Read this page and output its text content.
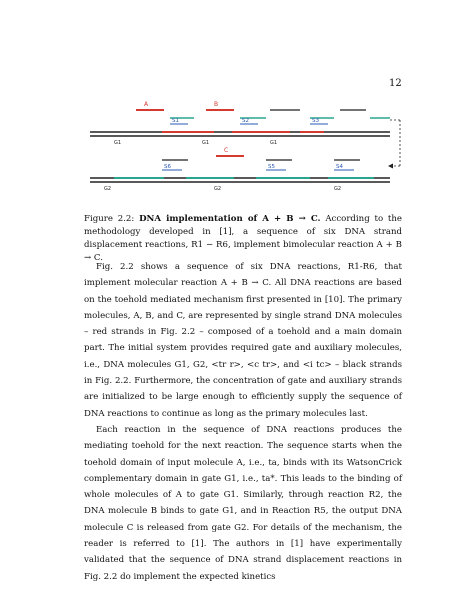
12
A	B
S1	S2	S3
G1	G1	G1
C
S6	S5	S4
G2	G2	G2
Figure 2.2: DNA implementation of A + B → C. According to the methodology developed in [1], a sequence of six DNA strand displacement reactions, R1 − R6, implement bimolecular reaction A + B → C.

Fig. 2.2 shows a sequence of six DNA reactions, R1-R6, that implement molecular reaction A + B → C. All DNA reactions are based on the toehold mediated mechanism first presented in [10]. The primary molecules, A, B, and C, are represented by single strand DNA molecules – red strands in Fig. 2.2 – composed of a toehold and a main domain part. The initial system provides required gate and auxiliary molecules, i.e., DNA molecules G1, G2, <tr r>, <c tr>, and <i tc> – black strands in Fig. 2.2. Furthermore, the concentration of gate and auxiliary strands are initialized to be large enough to efficiently supply the sequence of DNA reactions to continue as long as the primary molecules last.

Each reaction in the sequence of DNA reactions produces the mediating toehold for the next reaction. The sequence starts when the toehold domain of input molecule A, i.e., ta, binds with its WatsonCrick complementary domain in gate G1, i.e., ta*. This leads to the binding of whole molecules of A to gate G1. Similarly, through reaction R2, the DNA molecule B binds to gate G1, and in Reaction R5, the output DNA molecule C is released from gate G2. For details of the mechanism, the reader is referred to [1]. The authors in [1] have experimentally validated that the sequence of DNA strand displacement reactions in Fig. 2.2 do implement the expected kinetics
